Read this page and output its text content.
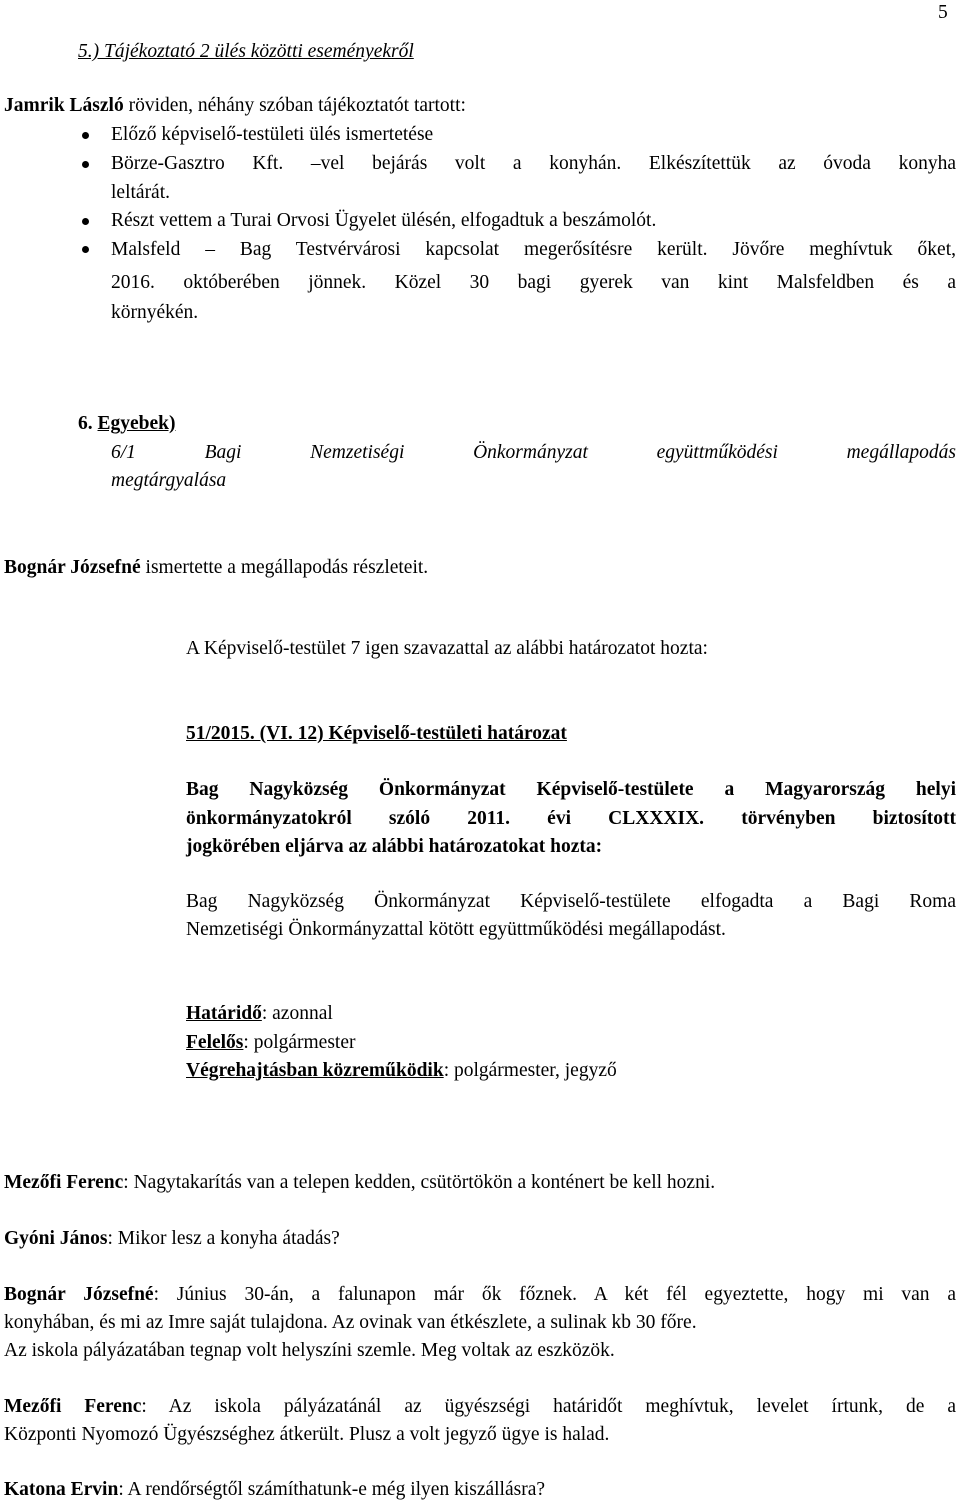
5
5.) Tájékoztató 2 ülés közötti eseményekről
Jamrik László röviden, néhány szóban tájékoztatót tartott:
Előző képviselő-testületi ülés ismertetése
Börze-Gasztro Kft. –vel bejárás volt a konyhán. Elkészítettük az óvoda konyha
leltárát.
Részt vettem a Turai Orvosi Ügyelet ülésén, elfogadtuk a beszámolót.
Malsfeld – Bag Testvérvárosi kapcsolat megerősítésre került. Jövőre meghívtuk őket,
2016. októberében jönnek. Közel 30 bagi gyerek van kint Malsfeldben és a
környékén.
6. Egyebek)
6/1 Bagi Nemzetiségi Önkormányzat együttműködési megállapodás
megtárgyalása
Bognár Józsefné ismertette a megállapodás részleteit.
A Képviselő-testület 7 igen szavazattal az alábbi határozatot hozta:
51/2015. (VI. 12) Képviselő-testületi határozat
Bag Nagyközség Önkormányzat Képviselő-testülete a Magyarország helyi
önkormányzatokról szóló 2011. évi CLXXXIX. törvényben biztosított
jogkörében eljárva az alábbi határozatokat hozta:
Bag Nagyközség Önkormányzat Képviselő-testülete elfogadta a Bagi Roma
Nemzetiségi Önkormányzattal kötött együttműködési megállapodást.
Határidő: azonnal
Felelős: polgármester
Végrehajtásban közreműködik: polgármester, jegyző
Mezőfi Ferenc: Nagytakarítás van a telepen kedden, csütörtökön a konténert be kell hozni.
Gyóni János: Mikor lesz a konyha átadás?
Bognár Józsefné: Június 30-án, a falunapon már ők főznek. A két fél egyeztette, hogy mi van a
konyhában, és mi az Imre saját tulajdona. Az ovinak van étkészlete, a sulinak kb 30 főre.
Az iskola pályázatában tegnap volt helyszíni szemle. Meg voltak az eszközök.
Mezőfi Ferenc: Az iskola pályázatánál az ügyészségi határidőt meghívtuk, levelet írtunk, de a
Központi Nyomozó Ügyészséghez átkerült. Plusz a volt jegyző ügye is halad.
Katona Ervin: A rendőrségtől számíthatunk-e még ilyen kiszállásra?
